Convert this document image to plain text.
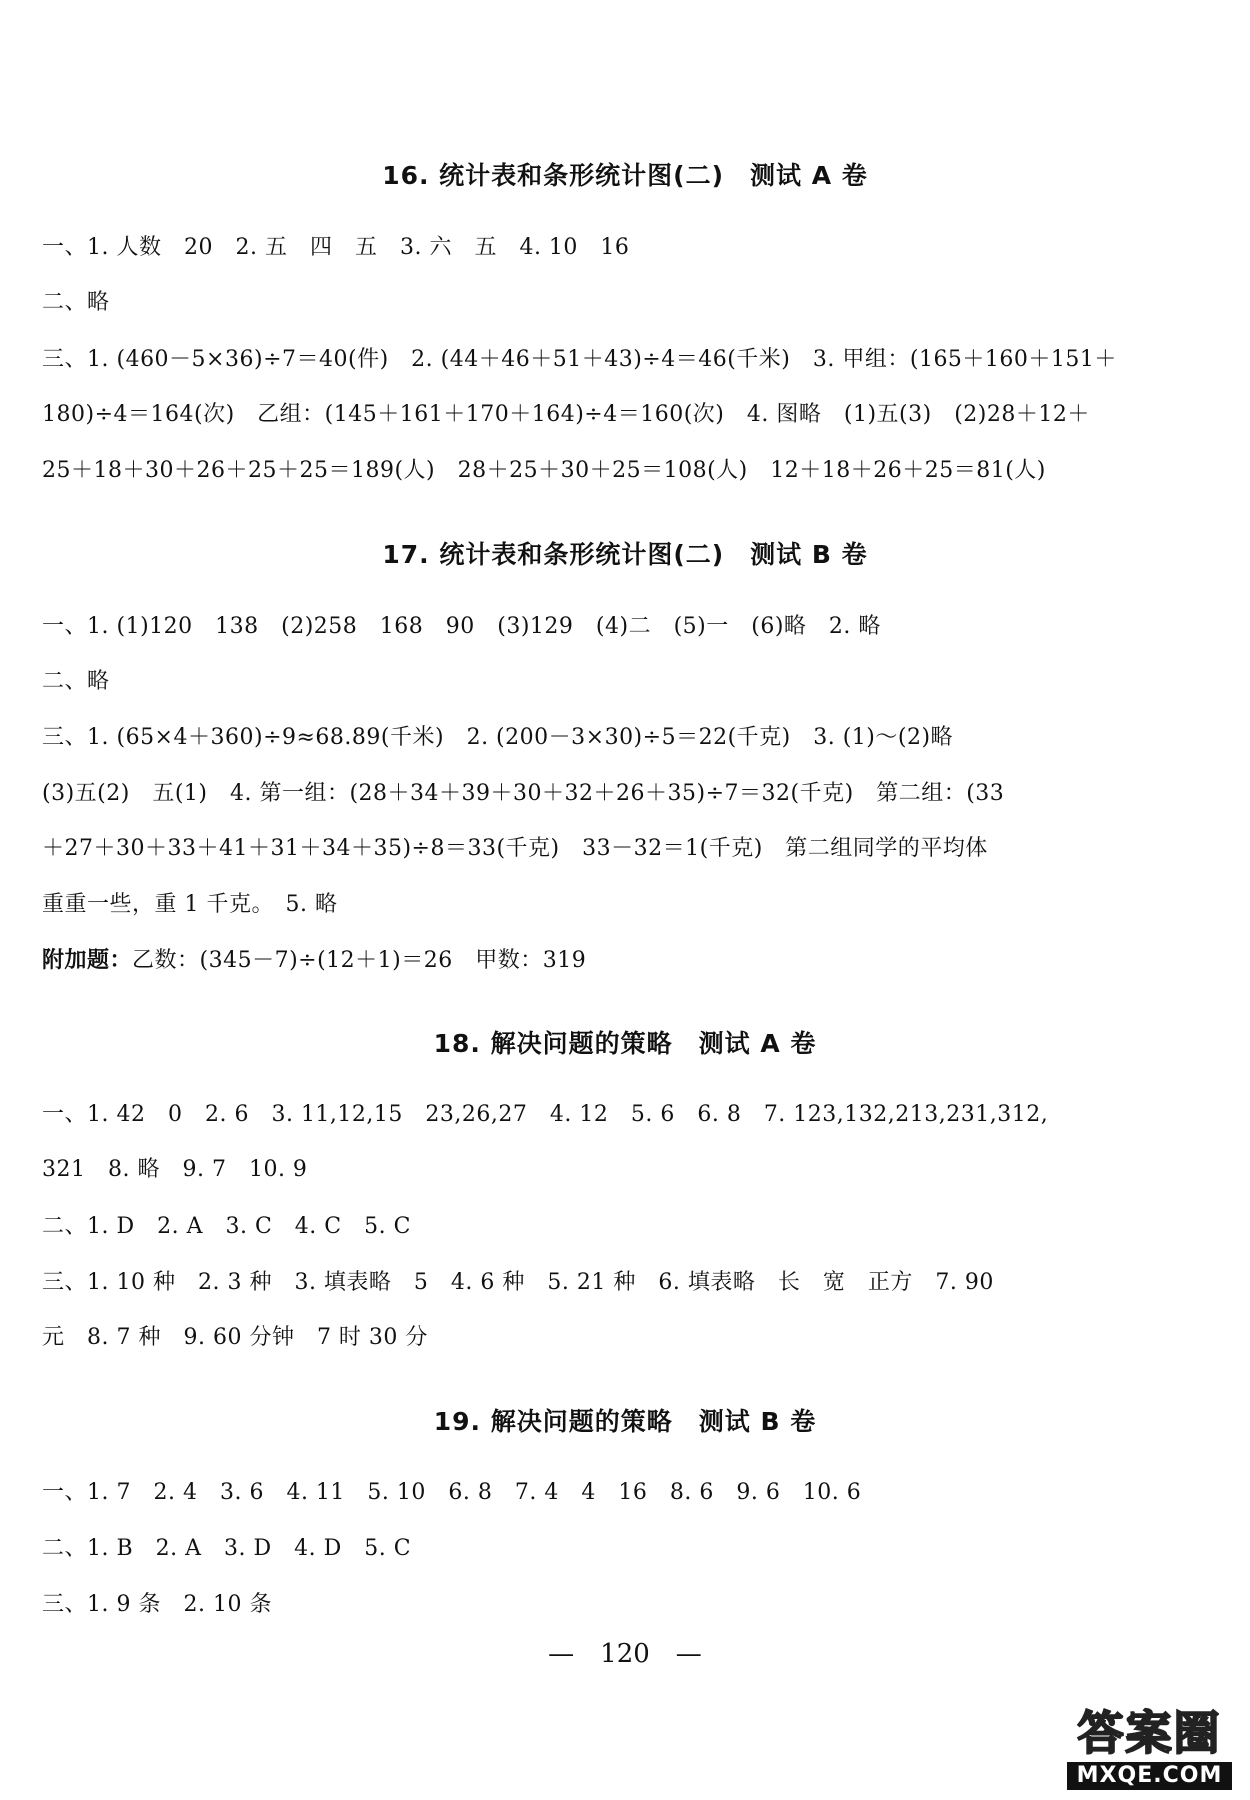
16. 统计表和条形统计图(二)　测试 A 卷
一、1. 人数　20　2. 五　四　五　3. 六　五　4. 10　16
二、略
三、1. (460－5×36)÷7＝40(件)　2. (44＋46＋51＋43)÷4＝46(千米)　3. 甲组：(165＋160＋151＋
180)÷4＝164(次)　乙组：(145＋161＋170＋164)÷4＝160(次)　4. 图略　(1)五(3)　(2)28＋12＋
25＋18＋30＋26＋25＋25＝189(人)　28＋25＋30＋25＝108(人)　12＋18＋26＋25＝81(人)
17. 统计表和条形统计图(二)　测试 B 卷
一、1. (1)120　138　(2)258　168　90　(3)129　(4)二　(5)一　(6)略　2. 略
二、略
三、1. (65×4＋360)÷9≈68.89(千米)　2. (200－3×30)÷5＝22(千克)　3. (1)～(2)略
(3)五(2)　五(1)　4. 第一组：(28＋34＋39＋30＋32＋26＋35)÷7＝32(千克)　第二组：(33
＋27＋30＋33＋41＋31＋34＋35)÷8＝33(千克)　33－32＝1(千克)　第二组同学的平均体
重重一些，重 1 千克。　5. 略
附加题：乙数：(345－7)÷(12＋1)＝26　甲数：319
18. 解决问题的策略　测试 A 卷
一、1. 42　0　2. 6　3. 11,12,15　23,26,27　4. 12　5. 6　6. 8　7. 123,132,213,231,312,
321　8. 略　9. 7　10. 9
二、1. D　2. A　3. C　4. C　5. C
三、1. 10 种　2. 3 种　3. 填表略　5　4. 6 种　5. 21 种　6. 填表略　长　宽　正方　7. 90
元　8. 7 种　9. 60 分钟　7 时 30 分
19. 解决问题的策略　测试 B 卷
一、1. 7　2. 4　3. 6　4. 11　5. 10　6. 8　7. 4　4　16　8. 6　9. 6　10. 6
二、1. B　2. A　3. D　4. D　5. C
三、1. 9 条　2. 10 条
—　120　—
答案圈
MXQE.COM
